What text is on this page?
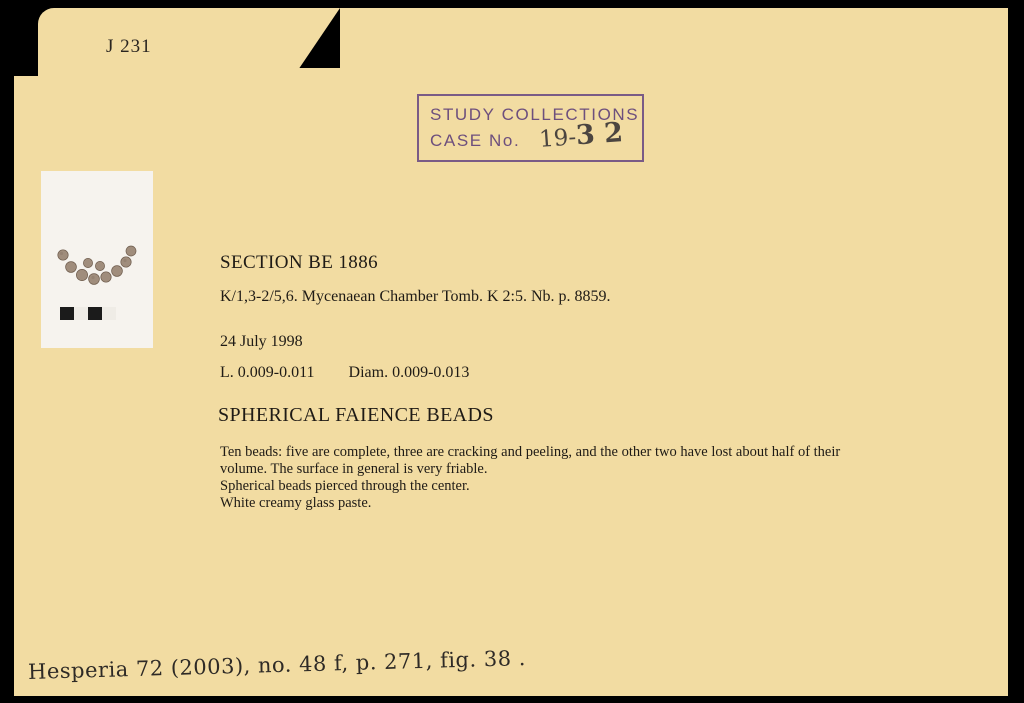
J 231
STUDY COLLECTIONS
CASE No. 19-3 2
SECTION BE 1886
K/1,3-2/5,6. Mycenaean Chamber Tomb. K 2:5. Nb. p. 8859.
24 July 1998
L. 0.009-0.011 Diam. 0.009-0.013
SPHERICAL FAIENCE BEADS
Ten beads: five are complete, three are cracking and peeling, and the other two have lost about half of their
volume. The surface in general is very friable.
Spherical beads pierced through the center.
White creamy glass paste.
Hesperia 72 (2003), no. 48 f, p. 271, fig. 38 .
